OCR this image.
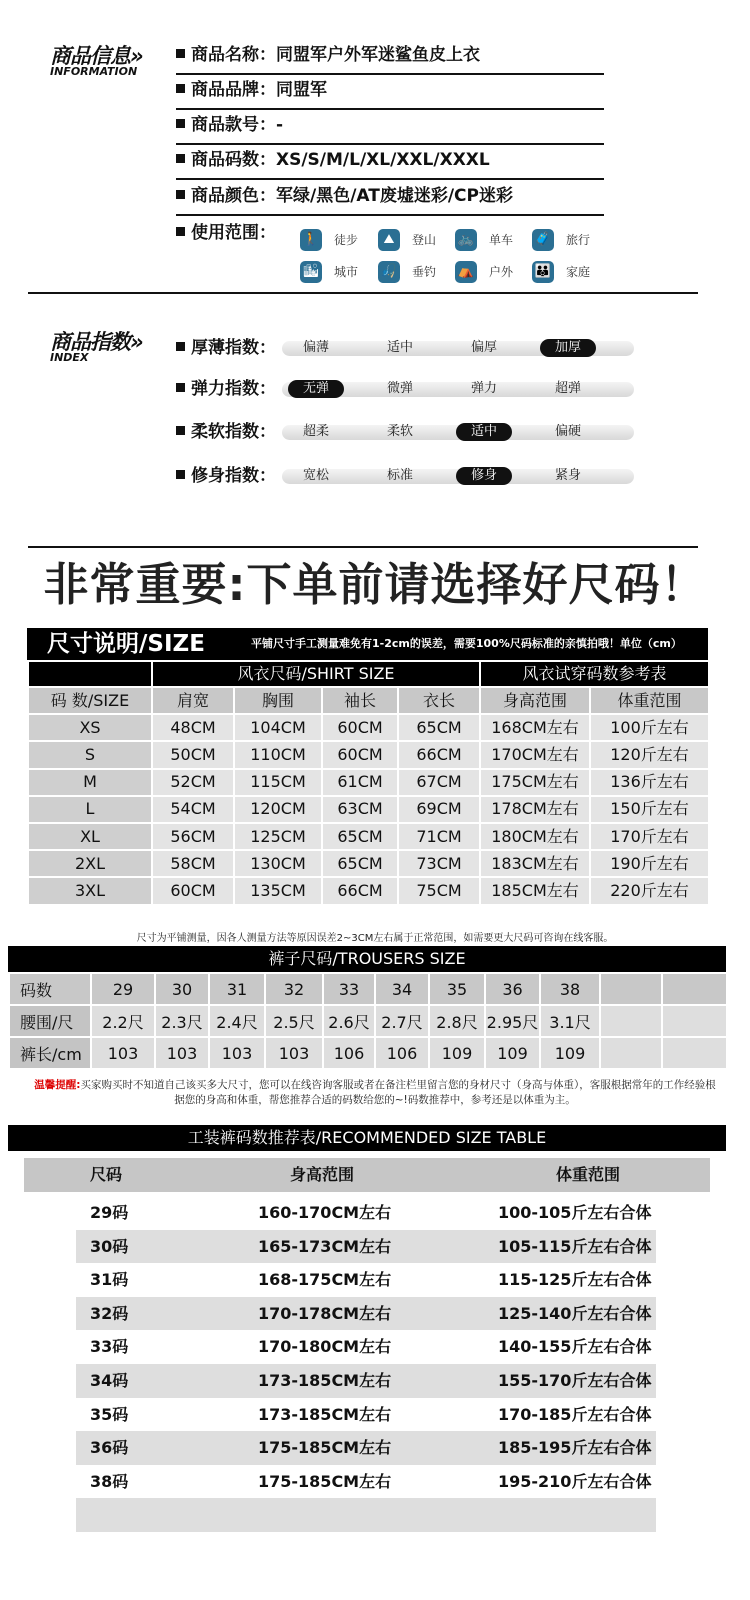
商品信息»
INFORMATION
商品名称：同盟军户外军迷鲨鱼皮上衣
商品品牌：同盟军
商品款号：-
商品码数：XS/S/M/L/XL/XXL/XXXL
商品颜色：军绿/黑色/AT废墟迷彩/CP迷彩
使用范围： 🚶 徒步	⛰	登山 🚲 单车 🧳 旅行
🏙 城市 🎣 垂钓 ⛺ 户外 👪 家庭
商品指数»
INDEX	厚薄指数：	偏薄	适中	偏厚	加厚
弹力指数：	无弹	微弹	弹力	超弹
柔软指数：	超柔	柔软	适中	偏硬
修身指数：	宽松	标准	修身	紧身
非常重要:下单前请选择好尺码！
尺寸说明/SIZE	平铺尺寸手工测量难免有1-2cm的误差，需要100%尺码标准的亲慎拍哦！单位（cm）
	风衣尺码/SHIRT SIZE				风衣试穿码数参考表	
码 数/SIZE	肩宽	胸围	袖长	衣长	身高范围	体重范围
XS	48CM	104CM	60CM	65CM	168CM左右	100斤左右
S	50CM	110CM	60CM	66CM	170CM左右	120斤左右
M	52CM	115CM	61CM	67CM	175CM左右	136斤左右
L	54CM	120CM	63CM	69CM	178CM左右	150斤左右
XL	56CM	125CM	65CM	71CM	180CM左右	170斤左右
2XL	58CM	130CM	65CM	73CM	183CM左右	190斤左右
3XL	60CM	135CM	66CM	75CM	185CM左右	220斤左右
尺寸为平铺测量，因各人测量方法等原因误差2~3CM左右属于正常范围，如需要更大尺码可咨询在线客服。
裤子尺码/TROUSERS SIZE
码数	29	30	31	32	33	34	35	36	38		
腰围/尺	2.2尺	2.3尺	2.4尺	2.5尺	2.6尺	2.7尺	2.8尺	2.95尺	3.1尺		
裤长/cm	103	103	103	103	106	106	109	109	109		
温馨提醒:买家购买时不知道自己该买多大尺寸，您可以在线咨询客服或者在备注栏里留言您的身材尺寸（身高与体重），客服根据常年的工作经验根据您的身高和体重，帮您推荐合适的码数给您的~!码数推荐中，参考还是以体重为主。
工装裤码数推荐表/RECOMMENDED SIZE TABLE
尺码	身高范围	体重范围
29码	160-170CM左右	100-105斤左右合体
30码	165-173CM左右	105-115斤左右合体
31码	168-175CM左右	115-125斤左右合体
32码	170-178CM左右	125-140斤左右合体
33码	170-180CM左右	140-155斤左右合体
34码	173-185CM左右	155-170斤左右合体
35码	173-185CM左右	170-185斤左右合体
36码	175-185CM左右	185-195斤左右合体
38码	175-185CM左右	195-210斤左右合体
